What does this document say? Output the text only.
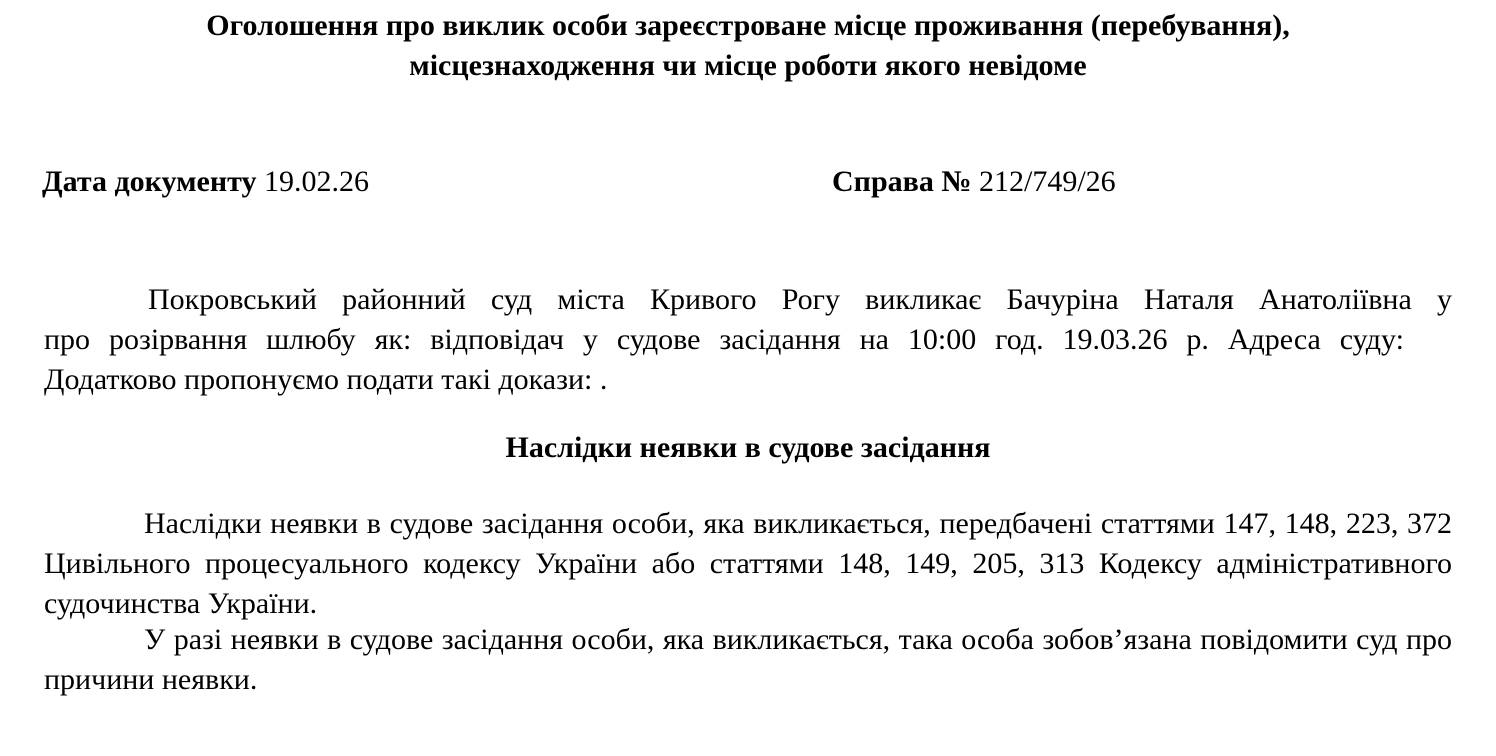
Оголошення про виклик особи зареєстроване місце проживання (перебування),

місцезнаходження чи місце роботи якого невідоме

Дата документу 19.02.26	Справа № 212/749/26
Покровський районний суд міста Кривого Рогу викликає Бачуріна Наталя Анатоліївна у
про розірвання шлюбу як: відповідач у судове засідання на 10:00 год. 19.03.26 р. Адреса суду:
Додатково пропонуємо подати такі докази: .

Наслідки неявки в судове засідання

Наслідки неявки в судове засідання особи, яка викликається, передбачені статтями 147, 148, 223, 372 Цивільного процесуального кодексу України або статтями 148, 149, 205, 313 Кодексу адміністративного судочинства України.

У разі неявки в судове засідання особи, яка викликається, така особа зобов’язана повідомити суд про причини неявки.
